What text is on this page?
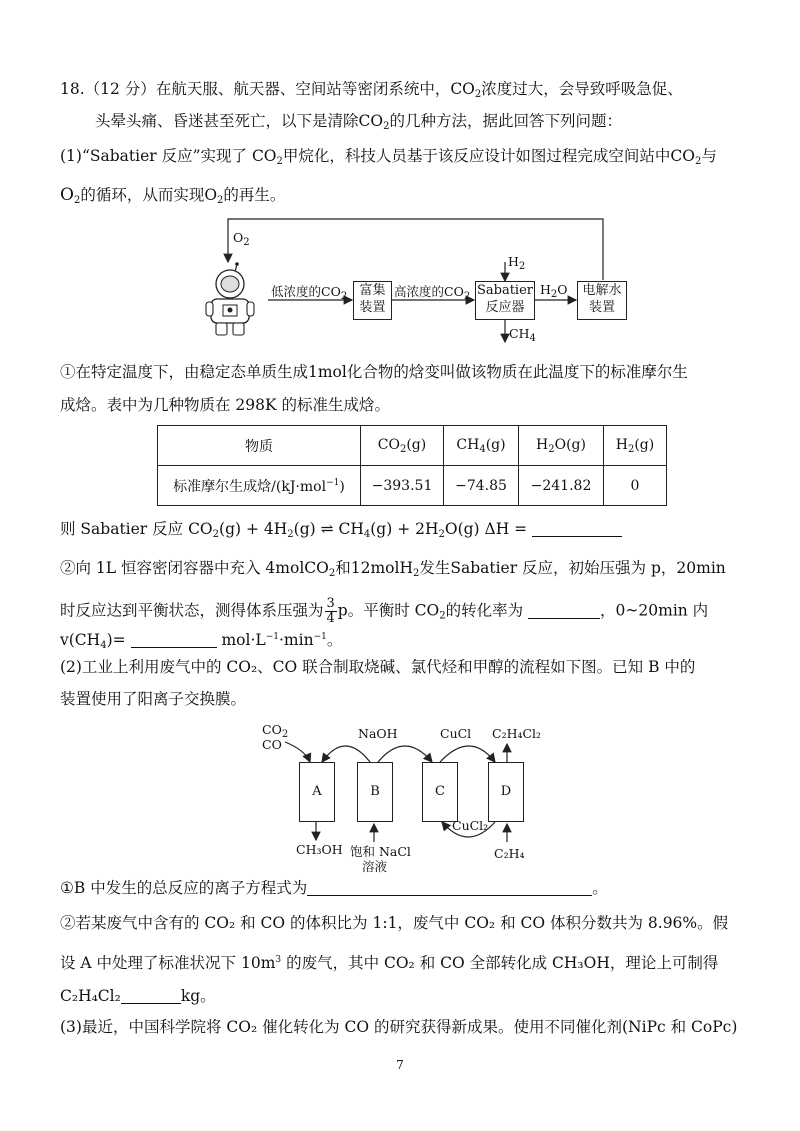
18.（12 分）在航天服、航天器、空间站等密闭系统中，$CO_2$浓度过大，会导致呼吸急促、
头晕头痛、昏迷甚至死亡，以下是清除$CO_2$的几种方法，据此回答下列问题：
(1)“Sabatier 反应”实现了 $CO_2$甲烷化，科技人员基于该反应设计如图过程完成空间站中$CO_2$与
$O_2$的循环，从而实现$O_2$的再生。
$O_2$
低浓度的$CO_2$ 富集
装置
高浓度的$CO_2$
$H_2$
Sabatier
反应器
$H_2O$	电解水
装置
$CH_4$
①在特定温度下，由稳定态单质生成1mol化合物的焓变叫做该物质在此温度下的标准摩尔生
成焓。表中为几种物质在 298K 的标准生成焓。
物质	$CO_2(g)$	$CH_4(g)$	$H_2O(g)$	$H_2(g)$
标准摩尔生成焓/(kJ·mol$^{-1}$)	−393.51	−74.85	−241.82	0
则 Sabatier 反应 $CO_2(g) + 4H_2(g)$ ⇌ $CH_4(g) + 2H_2O(g) \Delta H$ =
②向 1L 恒容密闭容器中充入 4molCO$_2$和12molH$_2$发生Sabatier 反应，初始压强为 p，20min
时反应达到平衡状态，测得体系压强为 $\frac{3}{4}p$。平衡时 $CO_2$的转化率为	，0~20min 内
$v(CH_4)=$	$mol\cdot L^{-1}\cdot\min^{-1}$。
(2)工业上利用废气中的 CO₂、CO 联合制取烧碱、氯代烃和甲醇的流程如下图。已知 B 中的
装置使用了阳离子交换膜。
$CO_2$
CO
NaOH	CuCl C₂H₄Cl₂
A	B	C	D
CuCl₂
CH₃OH 饱和 NaCl
溶液
C₂H₄
①B 中发生的总反应的离子方程式为	。
②若某废气中含有的 CO₂ 和 CO 的体积比为 1:1，废气中 CO₂ 和 CO 体积分数共为 8.96%。假
设 A 中处理了标准状况下 $10m^3$ 的废气，其中 CO₂ 和 CO 全部转化成 CH₃OH，理论上可制得
C₂H₄Cl₂	kg。
(3)最近，中国科学院将 CO₂ 催化转化为 CO 的研究获得新成果。使用不同催化剂(NiPc 和 CoPc)
7
